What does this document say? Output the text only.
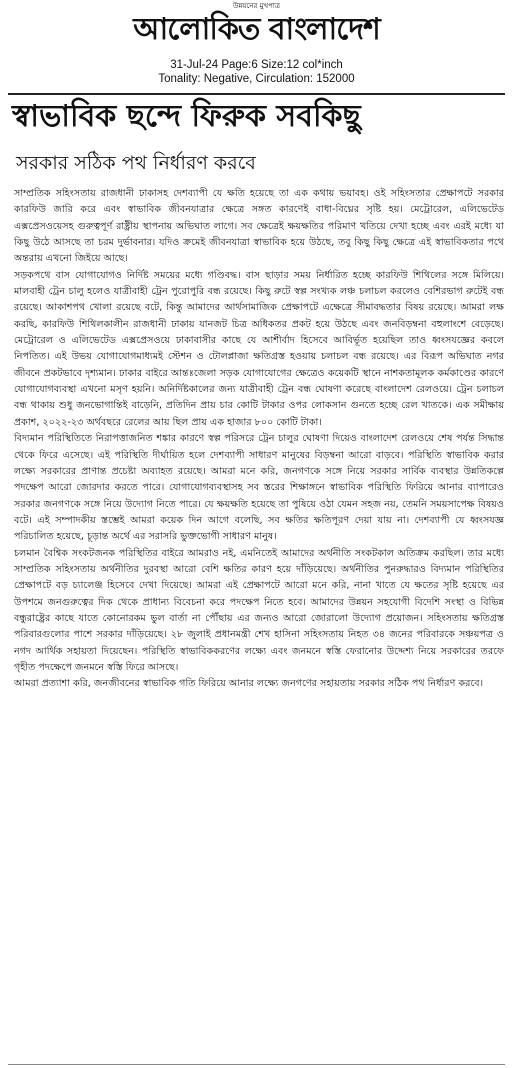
উন্নয়নের মুখপাত্র
আলোকিত বাংলাদেশ
31-Jul-24 Page:6 Size:12 col*inch
Tonality: Negative, Circulation: 152000
স্বাভাবিক ছন্দে ফিরুক সবকিছু
সরকার সঠিক পথ নির্ধারণ করবে

সাম্প্রতিক সহিংসতায় রাজধানী ঢাকাসহ দেশব্যাপী যে ক্ষতি হয়েছে তা এক কথায় ভয়াবহ। ওই সহিংসতার প্রেক্ষাপটে সরকার কারফিউ জারি করে এবং স্বাভাবিক জীবনযাত্রার ক্ষেত্রে সঙ্গত কারণেই বাধা-বিঘ্নের সৃষ্টি হয়। মেট্রোরেল, এলিভেটেড এক্সপ্রেসওয়েসহ গুরুত্বপূর্ণ রাষ্ট্রীয় স্থাপনায় অভিঘাত লাগে। সব ক্ষেত্রেই ক্ষয়ক্ষতির পরিমাণ খতিয়ে দেখা হচ্ছে এবং এরই মধ্যে যা কিছু উঠে আসছে তা চরম দুর্ভাবনার। যদিও ক্রমেই জীবনযাত্রা স্বাভাবিক হয়ে উঠছে, তবু কিছু কিছু ক্ষেত্রে এই স্বাভাবিকতার পথে অন্তরায় এখনো জিইয়ে আছে।

সড়কপথে বাস যোগাযোগও নির্দিষ্ট সময়ের মধ্যে গণ্ডিবদ্ধ। বাস ছাড়ার সময় নির্ধারিত হচ্ছে কারফিউ শিথিলের সঙ্গে মিলিয়ে। মালবাহী ট্রেন চালু হলেও যাত্রীবাহী ট্রেন পুরোপুরি বন্ধ রয়েছে। কিছু রুটে স্বল্প সংখ্যক লঞ্চ চলাচল করলেও বেশিরভাগ রুটেই বন্ধ রয়েছে। আকাশপথ খোলা রয়েছে বটে, কিন্তু আমাদের আর্থসামাজিক প্রেক্ষাপটে এক্ষেত্রে সীমাবদ্ধতার বিষয় রয়েছে। আমরা লক্ষ করছি, কারফিউ শিথিলকালীন রাজধানী ঢাকায় যানজট চিত্র অধিকতর প্রকট হয়ে উঠছে এবং জনবিড়ম্বনা বহুলাংশে বেড়েছে। মেট্রোরেল ও এলিভেটেড এক্সপ্রেসওয়ে ঢাকাবাসীর কাছে যে আশীর্বাদ হিসেবে আবির্ভূত হয়েছিল তাও ধ্বংসযজ্ঞের কবলে নিপতিত। এই উভয় যোগাযোগমাধ্যমই স্টেশন ও টোলপ্লাজা ক্ষতিগ্রস্ত হওয়ায় চলাচল বন্ধ রয়েছে। এর বিরূপ অভিঘাত নগর জীবনে প্রকটভাবে দৃশ্যমান। ঢাকার বাইরে আন্তঃজেলা সড়ক যোগাযোগের ক্ষেত্রেও কয়েকটি স্থানে নাশকতামূলক কর্মকাণ্ডের কারণে যোগাযোগব্যবস্থা এখনো মসৃণ হয়নি। অনির্দিষ্টকালের জন্য যাত্রীবাহী ট্রেন বন্ধ ঘোষণা করেছে বাংলাদেশ রেলওয়ে। ট্রেন চলাচল বন্ধ থাকায় শুধু জনভোগান্তিই বাড়েনি, প্রতিদিন প্রায় চার কোটি টাকার ওপর লোকসান গুনতে হচ্ছে রেল খাতকে। এক সমীক্ষায় প্রকাশ, ২০২২-২৩ অর্থবছরে রেলের আয় ছিল প্রায় এক হাজার ৮০০ কোটি টাকা।

বিদ্যমান পরিস্থিতিতে নিরাপত্তাজনিত শঙ্কার কারণে স্বল্প পরিসরে ট্রেন চালুর ঘোষণা দিয়েও বাংলাদেশ রেলওয়ে শেষ পর্যন্ত সিদ্ধান্ত থেকে ফিরে এসেছে। এই পরিস্থিতি দীর্ঘায়িত হলে দেশব্যাপী সাধারণ মানুষের বিড়ম্বনা আরো বাড়বে। পরিস্থিতি স্বাভাবিক করার লক্ষ্যে সরকারের প্রাণান্ত প্রচেষ্টা অব্যাহত রয়েছে। আমরা মনে করি, জনগণকে সঙ্গে নিয়ে সরকার সার্বিক ব্যবস্থার উন্নতিকল্পে পদক্ষেপ আরো জোরদার করতে পারে। যোগাযোগব্যবস্থাসহ সব স্তরের শিক্ষাঙ্গনে স্বাভাবিক পরিস্থিতি ফিরিয়ে আনার ব্যাপারেও সরকার জনগণকে সঙ্গে নিয়ে উদ্যোগ নিতে পারে। যে ক্ষয়ক্ষতি হয়েছে তা পুষিয়ে ওঠা যেমন সহজ নয়, তেমনি সময়সাপেক্ষ বিষয়ও বটে। এই সম্পাদকীয় স্তম্ভেই আমরা কয়েক দিন আগে বলেছি, সব ক্ষতির ক্ষতিপূরণ দেয়া যায় না। দেশব্যাপী যে ধ্বংসযজ্ঞ পরিচালিত হয়েছে, চূড়ান্ত অর্থে এর সরাসরি ভুক্তভোগী সাধারণ মানুষ।

চলমান বৈশ্বিক সংকটজনক পরিস্থিতির বাইরে আমরাও নই, এমনিতেই আমাদের অর্থনীতি সংকটকাল অতিক্রম করছিল। তার মধ্যে সাম্প্রতিক সহিংসতায় অর্থনীতির দুরবস্থা আরো বেশি ক্ষতির কারণ হয়ে দাঁড়িয়েছে। অর্থনীতির পুনরুদ্ধারও বিদ্যমান পরিস্থিতির প্রেক্ষাপটে বড় চ্যালেঞ্জ হিসেবে দেখা দিয়েছে। আমরা এই প্রেক্ষাপটে আরো মনে করি, নানা খাতে যে ক্ষতের সৃষ্টি হয়েছে এর উপশমে জনগুরুত্বের দিক থেকে প্রাধান্য বিবেচনা করে পদক্ষেপ নিতে হবে। আমাদের উন্নয়ন সহযোগী বিদেশি সংস্থা ও বিভিন্ন বন্ধুরাষ্ট্রের কাছে যাতে কোনোরকম ভুল বার্তা না পৌঁছায় এর জন্যও আরো জোরালো উদ্যোগ প্রয়োজন। সহিংসতায় ক্ষতিগ্রস্ত পরিবারগুলোর পাশে সরকার দাঁড়িয়েছে। ২৮ জুলাই প্রধানমন্ত্রী শেখ হাসিনা সহিংসতায় নিহত ৩৪ জনের পরিবারকে সঞ্চয়পত্র ও নগদ আর্থিক সহায়তা দিয়েছেন। পরিস্থিতি স্বাভাবিককরণের লক্ষ্যে এবং জনমনে স্বস্তি ফেরানোর উদ্দেশ্য নিয়ে সরকারের তরফে গৃহীত পদক্ষেপে জনমনে স্বস্তি ফিরে আসছে।

আমরা প্রত্যাশা করি, জনজীবনের স্বাভাবিক গতি ফিরিয়ে আনার লক্ষ্যে জনগণের সহায়তায় সরকার সঠিক পথ নির্ধারণ করবে।
